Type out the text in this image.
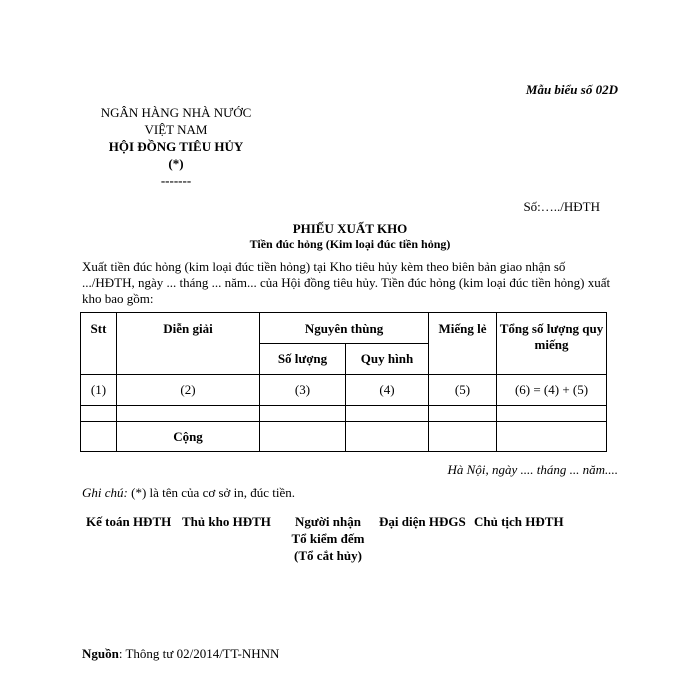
Mẫu biểu số 02D
NGÂN HÀNG NHÀ NƯỚC
VIỆT NAM
HỘI ĐỒNG TIÊU HỦY
(*)
-------
Số:…../HĐTH
PHIẾU XUẤT KHO
Tiền đúc hỏng (Kim loại đúc tiền hỏng)
Xuất tiền đúc hỏng (kim loại đúc tiền hỏng) tại Kho tiêu hủy kèm theo biên bản giao nhận số .../HĐTH, ngày ... tháng ... năm... của Hội đồng tiêu hủy. Tiền đúc hỏng (kim loại đúc tiền hỏng) xuất kho bao gồm:
Stt	Diễn giải	Nguyên thùng		Miếng lẻ	Tổng số lượng quy miếng
		Số lượng	Quy hình		
(1)	(2)	(3)	(4)	(5)	(6) = (4) + (5)

	Cộng				
Hà Nội, ngày .... tháng ... năm....
Ghi chú: (*) là tên của cơ sở in, đúc tiền.
Kế toán HĐTH Thủ kho HĐTH	Người nhận
Tổ kiểm đếm
(Tổ cắt hủy)
Đại diện HĐGS Chủ tịch HĐTH
Nguồn: Thông tư 02/2014/TT-NHNN
